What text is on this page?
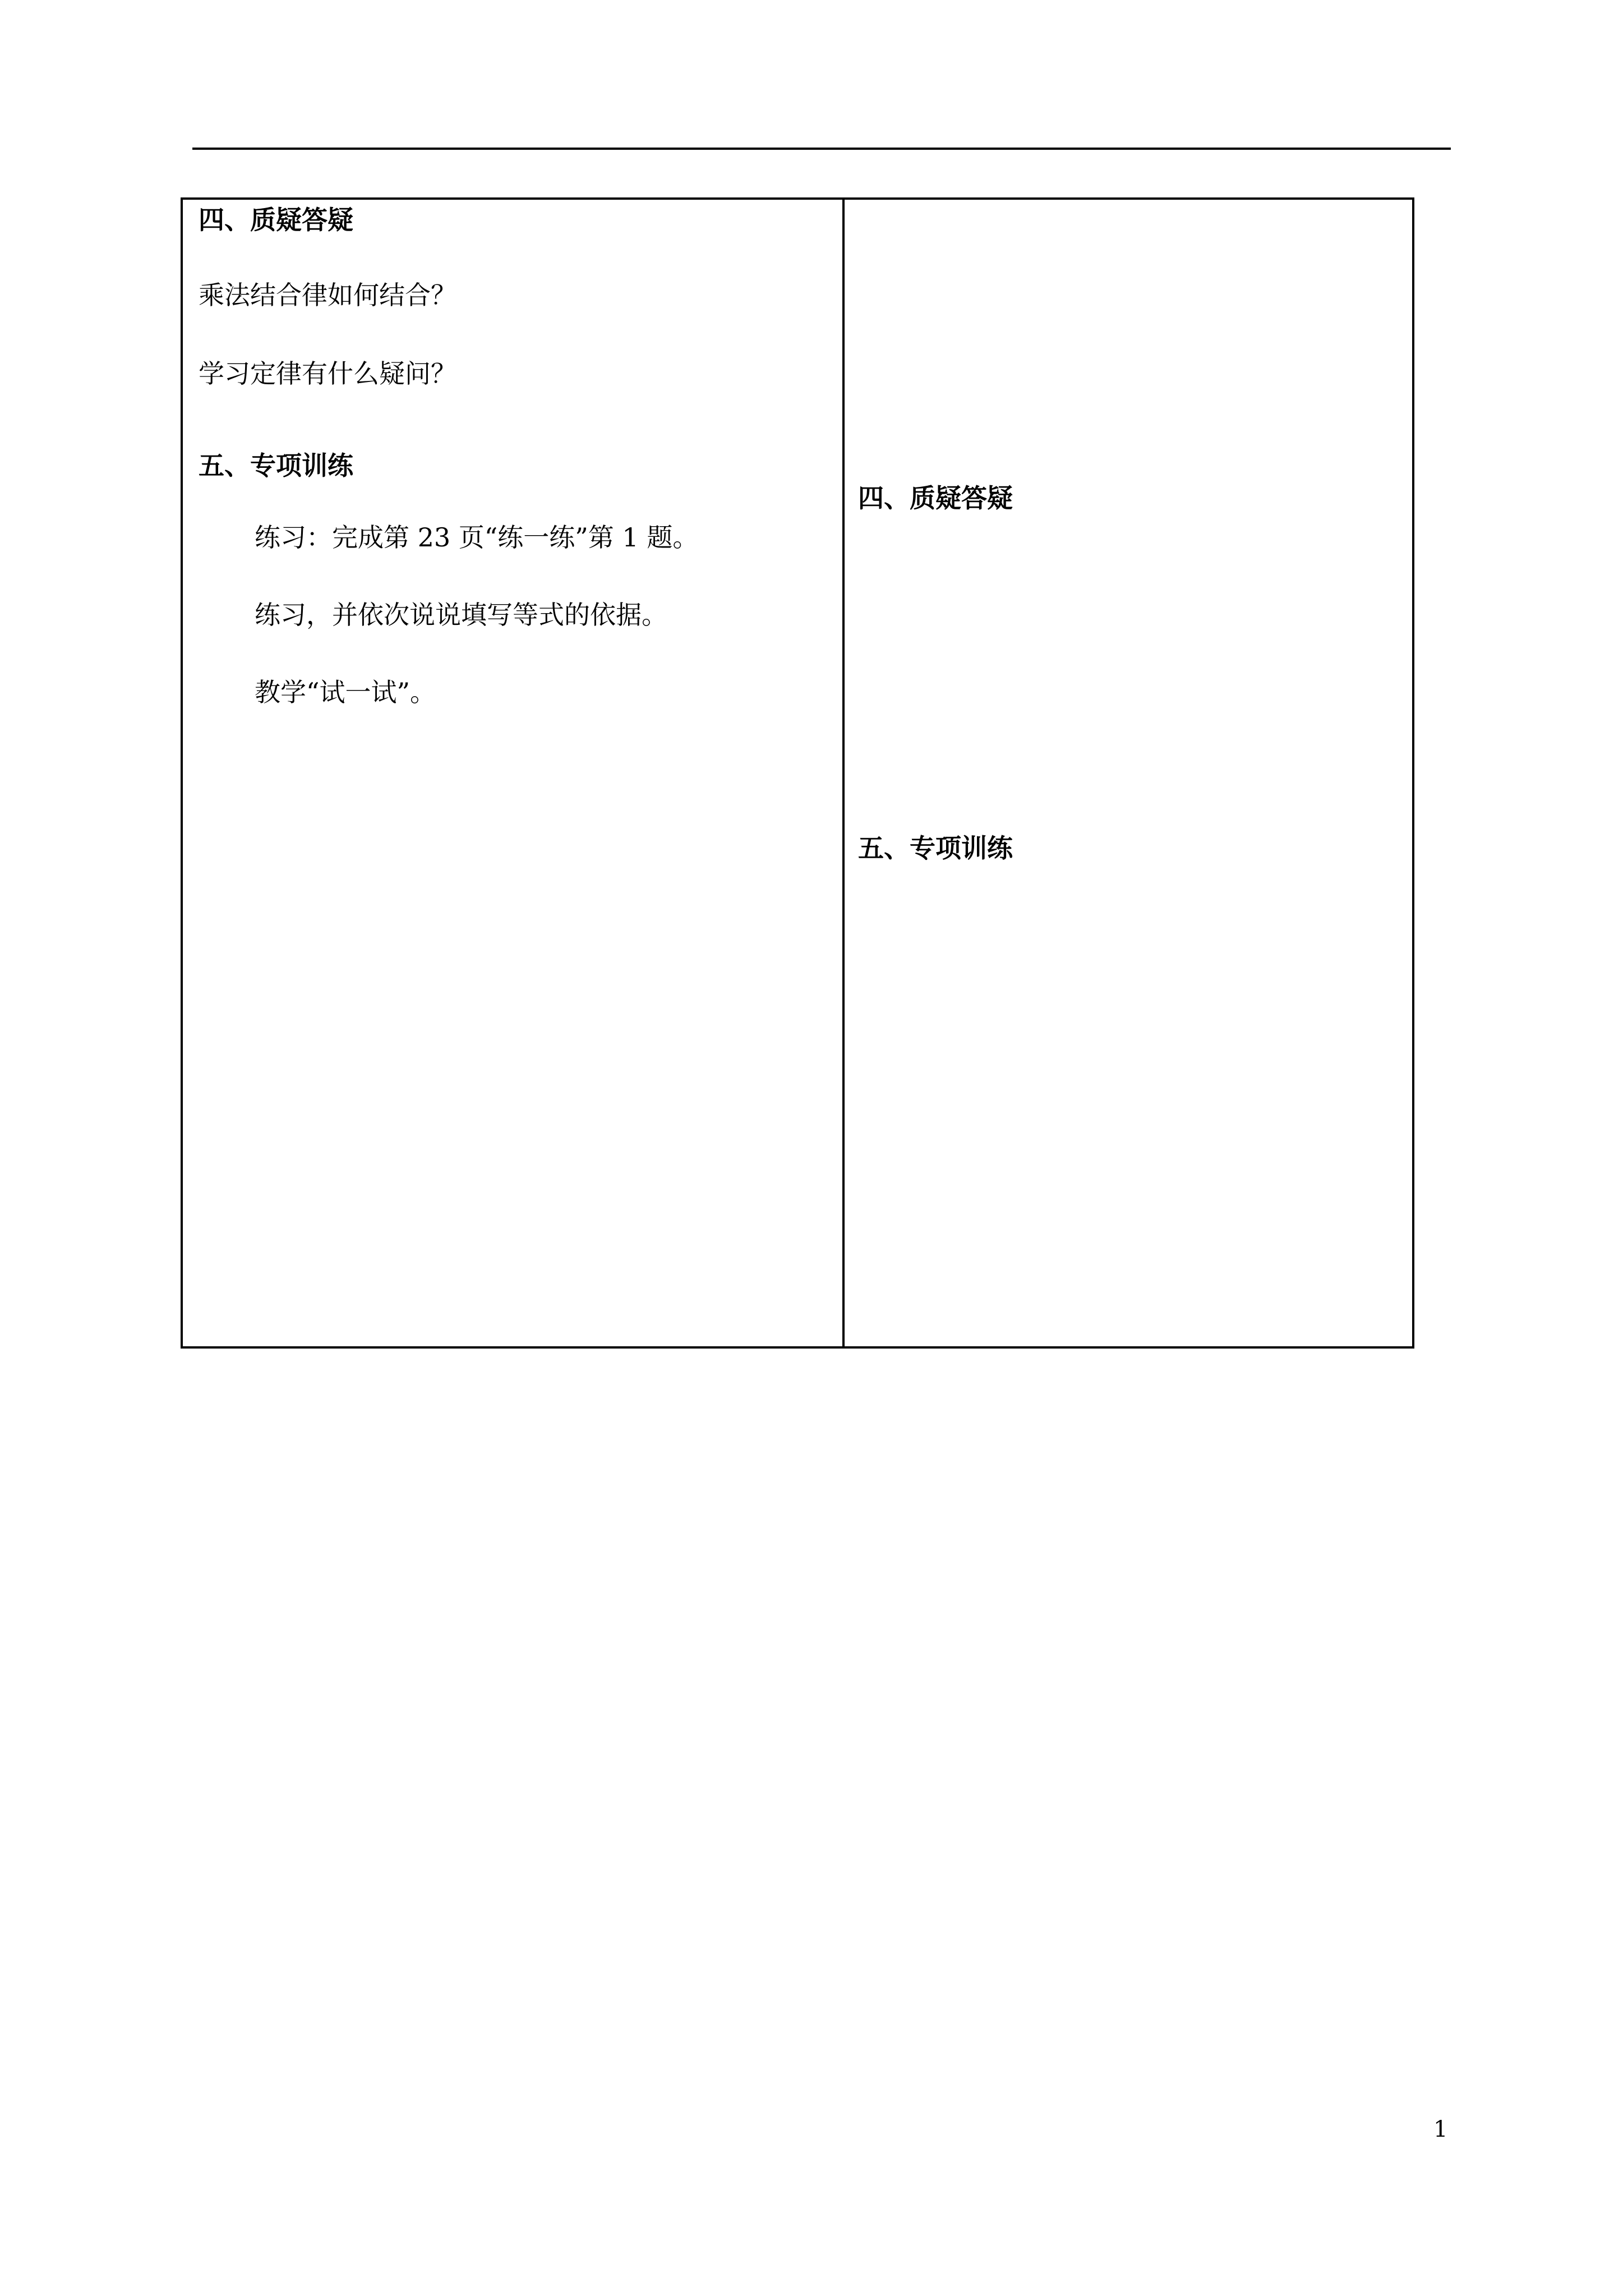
四、质疑答疑
乘法结合律如何结合？
学习定律有什么疑问？
五、专项训练
练习：完成第 23 页“练一练”第 1 题。
练习，并依次说说填写等式的依据。
教学“试一试”。
四、质疑答疑
五、专项训练
1
